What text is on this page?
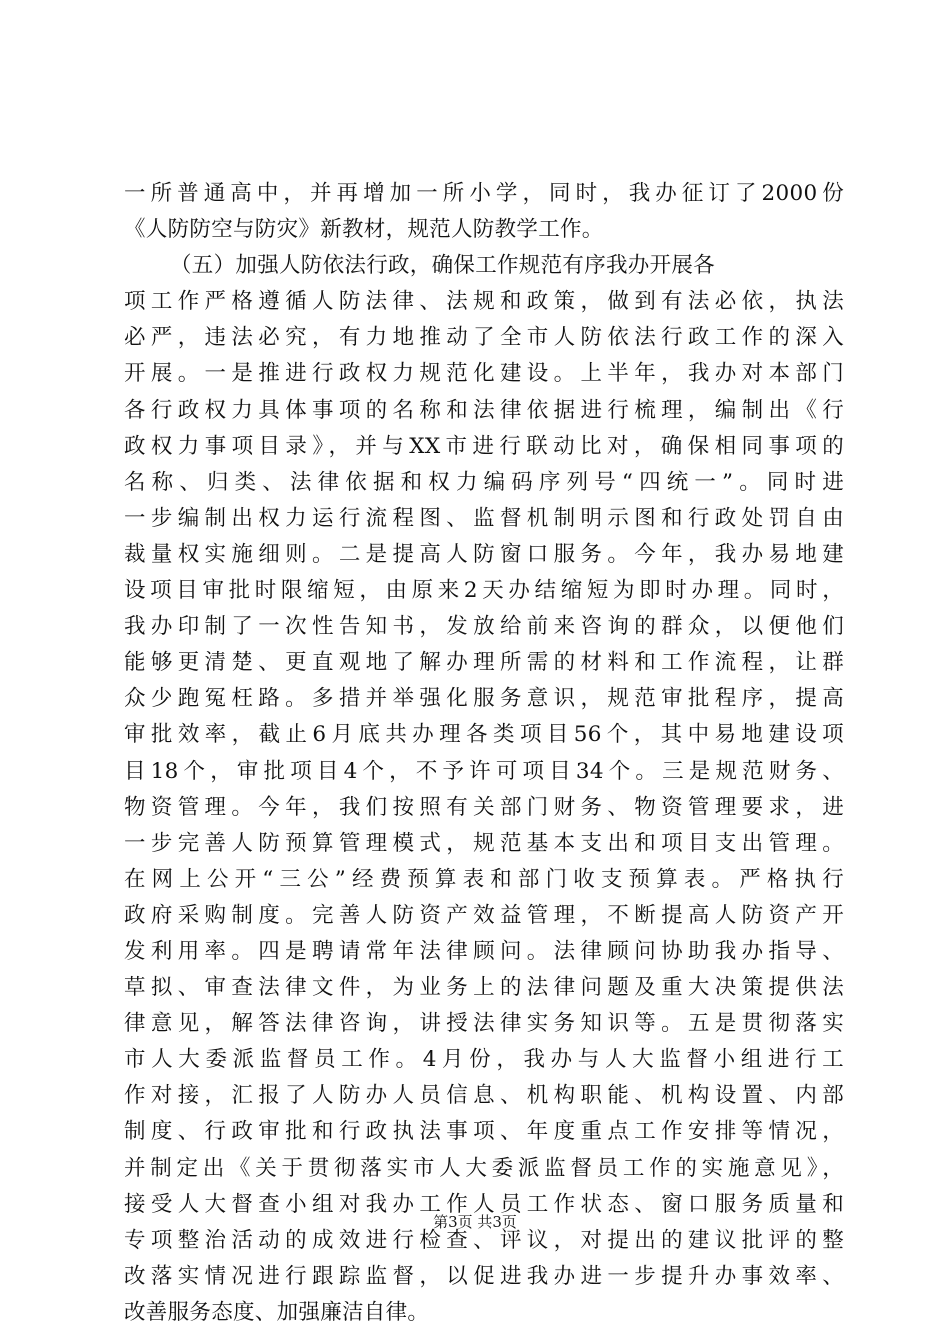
一所普通高中，并再增加一所小学，同时，我办征订了2000份
《人防防空与防灾》新教材，规范人防教学工作。
（五）加强人防依法行政，确保工作规范有序我办开展各
项工作严格遵循人防法律、法规和政策，做到有法必依，执法
必严，违法必究，有力地推动了全市人防依法行政工作的深入
开展。一是推进行政权力规范化建设。上半年，我办对本部门
各行政权力具体事项的名称和法律依据进行梳理，编制出《行
政权力事项目录》，并与XX市进行联动比对，确保相同事项的
名称、归类、法律依据和权力编码序列号“四统一”。同时进
一步编制出权力运行流程图、监督机制明示图和行政处罚自由
裁量权实施细则。二是提高人防窗口服务。今年，我办易地建
设项目审批时限缩短，由原来2天办结缩短为即时办理。同时，
我办印制了一次性告知书，发放给前来咨询的群众，以便他们
能够更清楚、更直观地了解办理所需的材料和工作流程，让群
众少跑冤枉路。多措并举强化服务意识，规范审批程序，提高
审批效率，截止6月底共办理各类项目56个，其中易地建设项
目18个，审批项目4个，不予许可项目34个。三是规范财务、
物资管理。今年，我们按照有关部门财务、物资管理要求，进
一步完善人防预算管理模式，规范基本支出和项目支出管理。
在网上公开“三公”经费预算表和部门收支预算表。严格执行
政府采购制度。完善人防资产效益管理，不断提高人防资产开
发利用率。四是聘请常年法律顾问。法律顾问协助我办指导、
草拟、审查法律文件，为业务上的法律问题及重大决策提供法
律意见，解答法律咨询，讲授法律实务知识等。五是贯彻落实
市人大委派监督员工作。4月份，我办与人大监督小组进行工
作对接，汇报了人防办人员信息、机构职能、机构设置、内部
制度、行政审批和行政执法事项、年度重点工作安排等情况，
并制定出《关于贯彻落实市人大委派监督员工作的实施意见》，
接受人大督查小组对我办工作人员工作状态、窗口服务质量和
专项整治活动的成效进行检查、评议，对提出的建议批评的整
改落实情况进行跟踪监督，以促进我办进一步提升办事效率、
改善服务态度、加强廉洁自律。
第3页 共3页
